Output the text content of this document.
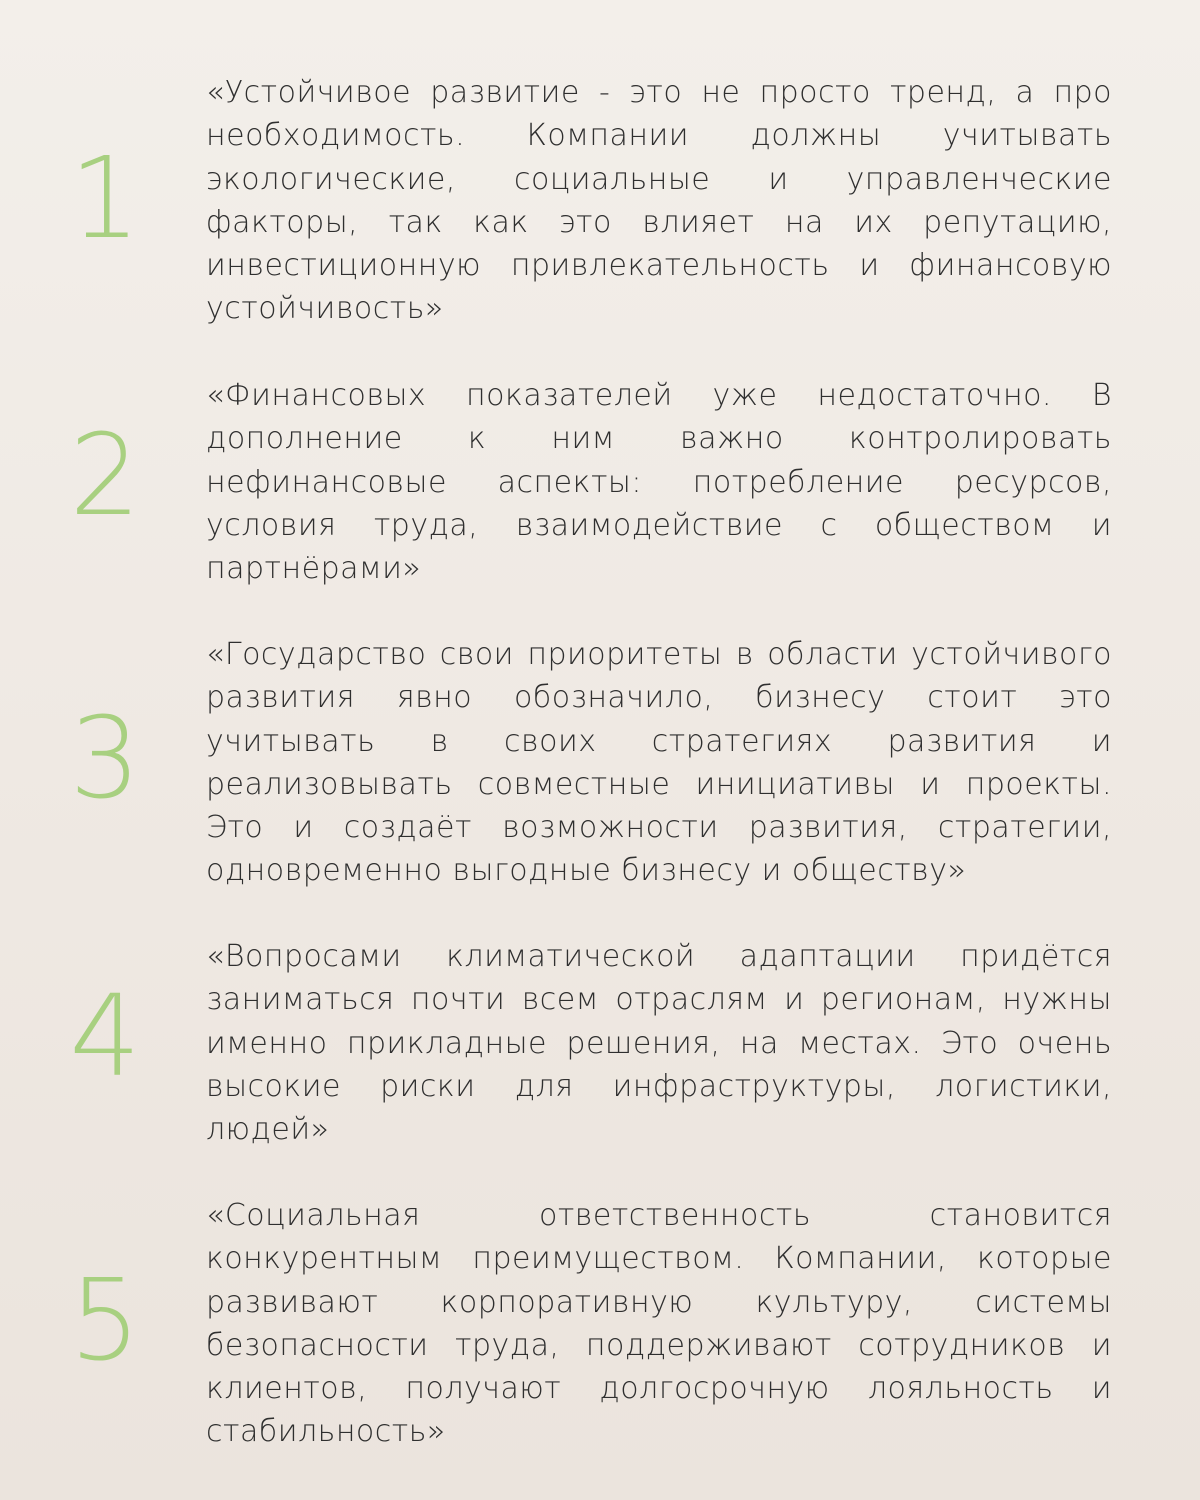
1

«Устойчивое развитие - это не просто тренд, а про необходимость. Компании должны учитывать экологические, социальные и управленческие факторы, так как это влияет на их репутацию, инвестиционную привлекательность и финансовую устойчивость»

2

«Финансовых показателей уже недостаточно. В дополнение к ним важно контролировать нефинансовые аспекты: потребление ресурсов, условия труда, взаимодействие с обществом и партнёрами»

3

«Государство свои приоритеты в области устойчивого развития явно обозначило, бизнесу стоит это учитывать в своих стратегиях развития и реализовывать совместные инициативы и проекты. Это и создаёт возможности развития, стратегии, одновременно выгодные бизнесу и обществу»

4

«Вопросами климатической адаптации придётся заниматься почти всем отраслям и регионам, нужны именно прикладные решения, на местах. Это очень высокие риски для инфраструктуры, логистики, людей»

5

«Социальная ответственность становится конкурентным преимуществом. Компании, которые развивают корпоративную культуру, системы безопасности труда, поддерживают сотрудников и клиентов, получают долгосрочную лояльность и стабильность»
